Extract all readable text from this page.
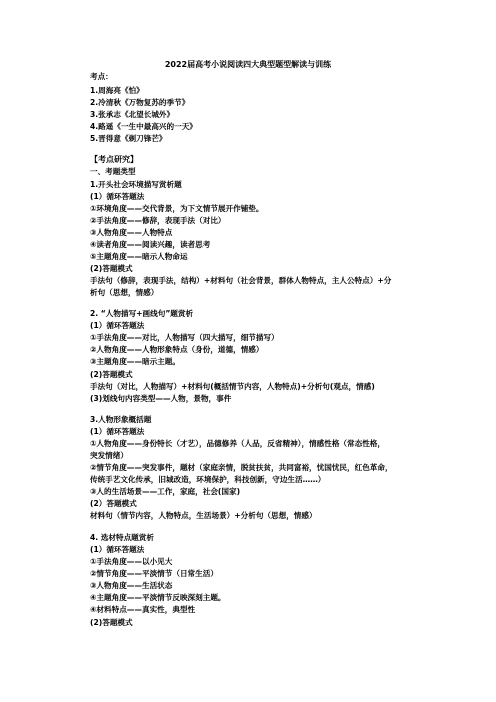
2022届高考小说阅读四大典型题型解读与训练
考点：
1.周海亮《怕》
2.冷清秋《万物复苏的季节》
3.张承志《北望长城外》
4.路遥《一生中最高兴的一天》
5.晋得意《剃刀锋芒》
【考点研究】
一、考题类型
1.开头社会环境描写赏析题
(1）循环答题法
①环境角度——交代背景，为下文情节展开作铺垫。
②手法角度——修辞，表现手法（对比）
③人物角度——人物特点
④读者角度——阅读兴趣，读者思考
⑤主题角度——暗示人物命运
(2)答题模式
手法句（修辞，表现手法，结构）+材料句（社会背景，群体人物特点，主人公特点）+分
析句（思想，情感）
2. “人物描写+画线句”题赏析
(1）循环答题法
①手法角度——对比，人物描写（四大描写，细节描写）
②人物角度——人物形象特点（身份，道德，情感）
③主题角度——暗示主题。
(2)答题模式
手法句（对比，人物描写）+材料句(概括情节内容，人物特点)+分析句(观点，情感)
(3)划线句内容类型——人物，景物，事件
3.人物形象概括题
(1）循环答题法
①人物角度——身份特长（才艺），品德修养（人品，反省精神），情感性格（常态性格，
突发情绪）
②情节角度——突发事件，题材（家庭亲情，脱贫扶贫，共同富裕，忧国忧民，红色革命，
传统手艺文化传承，旧城改造，环境保护，科技创新，守边生活……）
③人的生活场景——工作，家庭，社会(国家)
(2）答题模式
材料句（情节内容，人物特点，生活场景）+分析句（思想，情感）
4. 选材特点题赏析
(1）循环答题法
①手法角度——以小见大
②情节角度——平淡情节（日常生活）
③人物角度——生活状态
④主题角度——平淡情节反映深刻主题。
④材料特点——真实性，典型性
(2)答题模式
